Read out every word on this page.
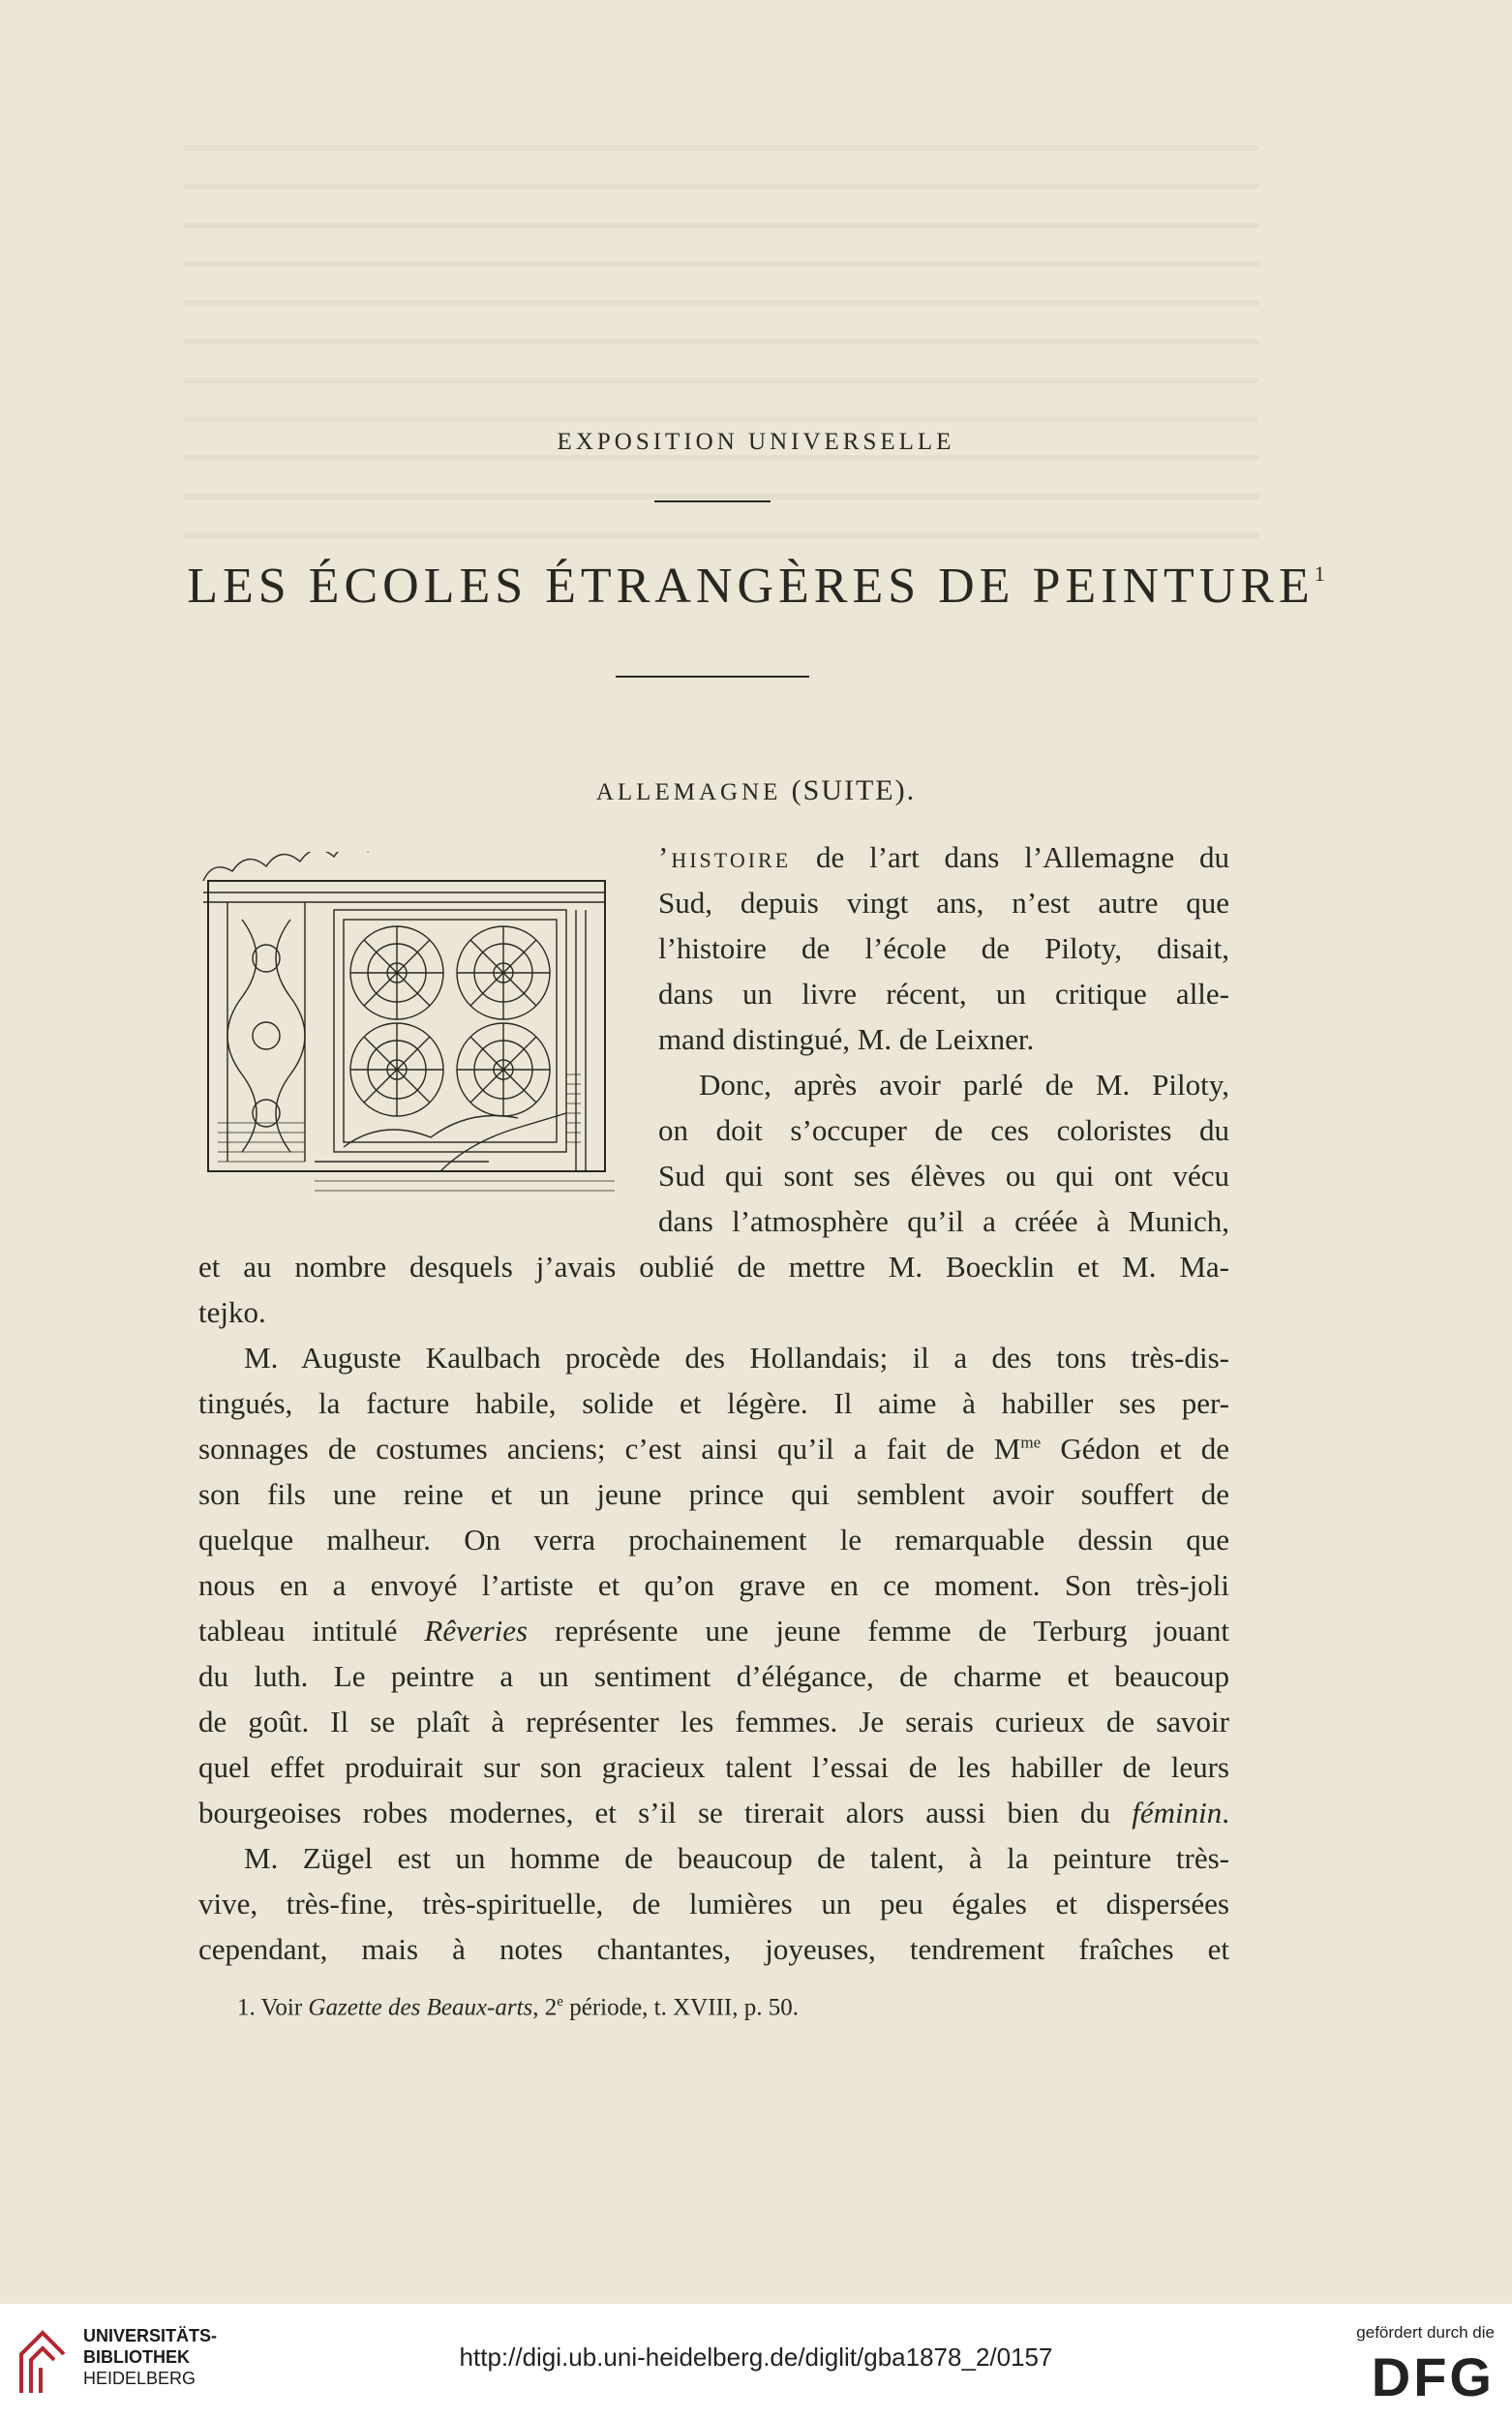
EXPOSITION UNIVERSELLE
LES ÉCOLES ÉTRANGÈRES DE PEINTURE$^1$
ALLEMAGNE (SUITE).
’histoire de l’art dans l’Allemagne du
Sud, depuis vingt ans, n’est autre que
l’histoire de l’école de Piloty, disait,
dans un livre récent, un critique alle-
mand distingué, M. de Leixner.
Donc, après avoir parlé de M. Piloty,
on doit s’occuper de ces coloristes du
Sud qui sont ses élèves ou qui ont vécu
dans l’atmosphère qu’il a créée à Munich,
et au nombre desquels j’avais oublié de mettre M. Boecklin et M. Ma-
tejko.
M. Auguste Kaulbach procède des Hollandais; il a des tons très-dis-
tingués, la facture habile, solide et légère. Il aime à habiller ses per-
sonnages de costumes anciens; c’est ainsi qu’il a fait de $M^{me}$ Gédon et de
son fils une reine et un jeune prince qui semblent avoir souffert de
quelque malheur. On verra prochainement le remarquable dessin que
nous en a envoyé l’artiste et qu’on grave en ce moment. Son très-joli
tableau intitulé Rêveries représente une jeune femme de Terburg jouant
du luth. Le peintre a un sentiment d’élégance, de charme et beaucoup
de goût. Il se plaît à représenter les femmes. Je serais curieux de savoir
quel effet produirait sur son gracieux talent l’essai de les habiller de leurs
bourgeoises robes modernes, et s’il se tirerait alors aussi bien du féminin.
M. Zügel est un homme de beaucoup de talent, à la peinture très-
vive, très-fine, très-spirituelle, de lumières un peu égales et dispersées
cependant, mais à notes chantantes, joyeuses, tendrement fraîches et
1. Voir Gazette des Beaux-arts, 2e période, t. XVIII, p. 50.
UNIVERSITÄTS-
BIBLIOTHEK
HEIDELBERG
http://digi.ub.uni-heidelberg.de/diglit/gba1878_2/0157
gefördert durch die
DFG
